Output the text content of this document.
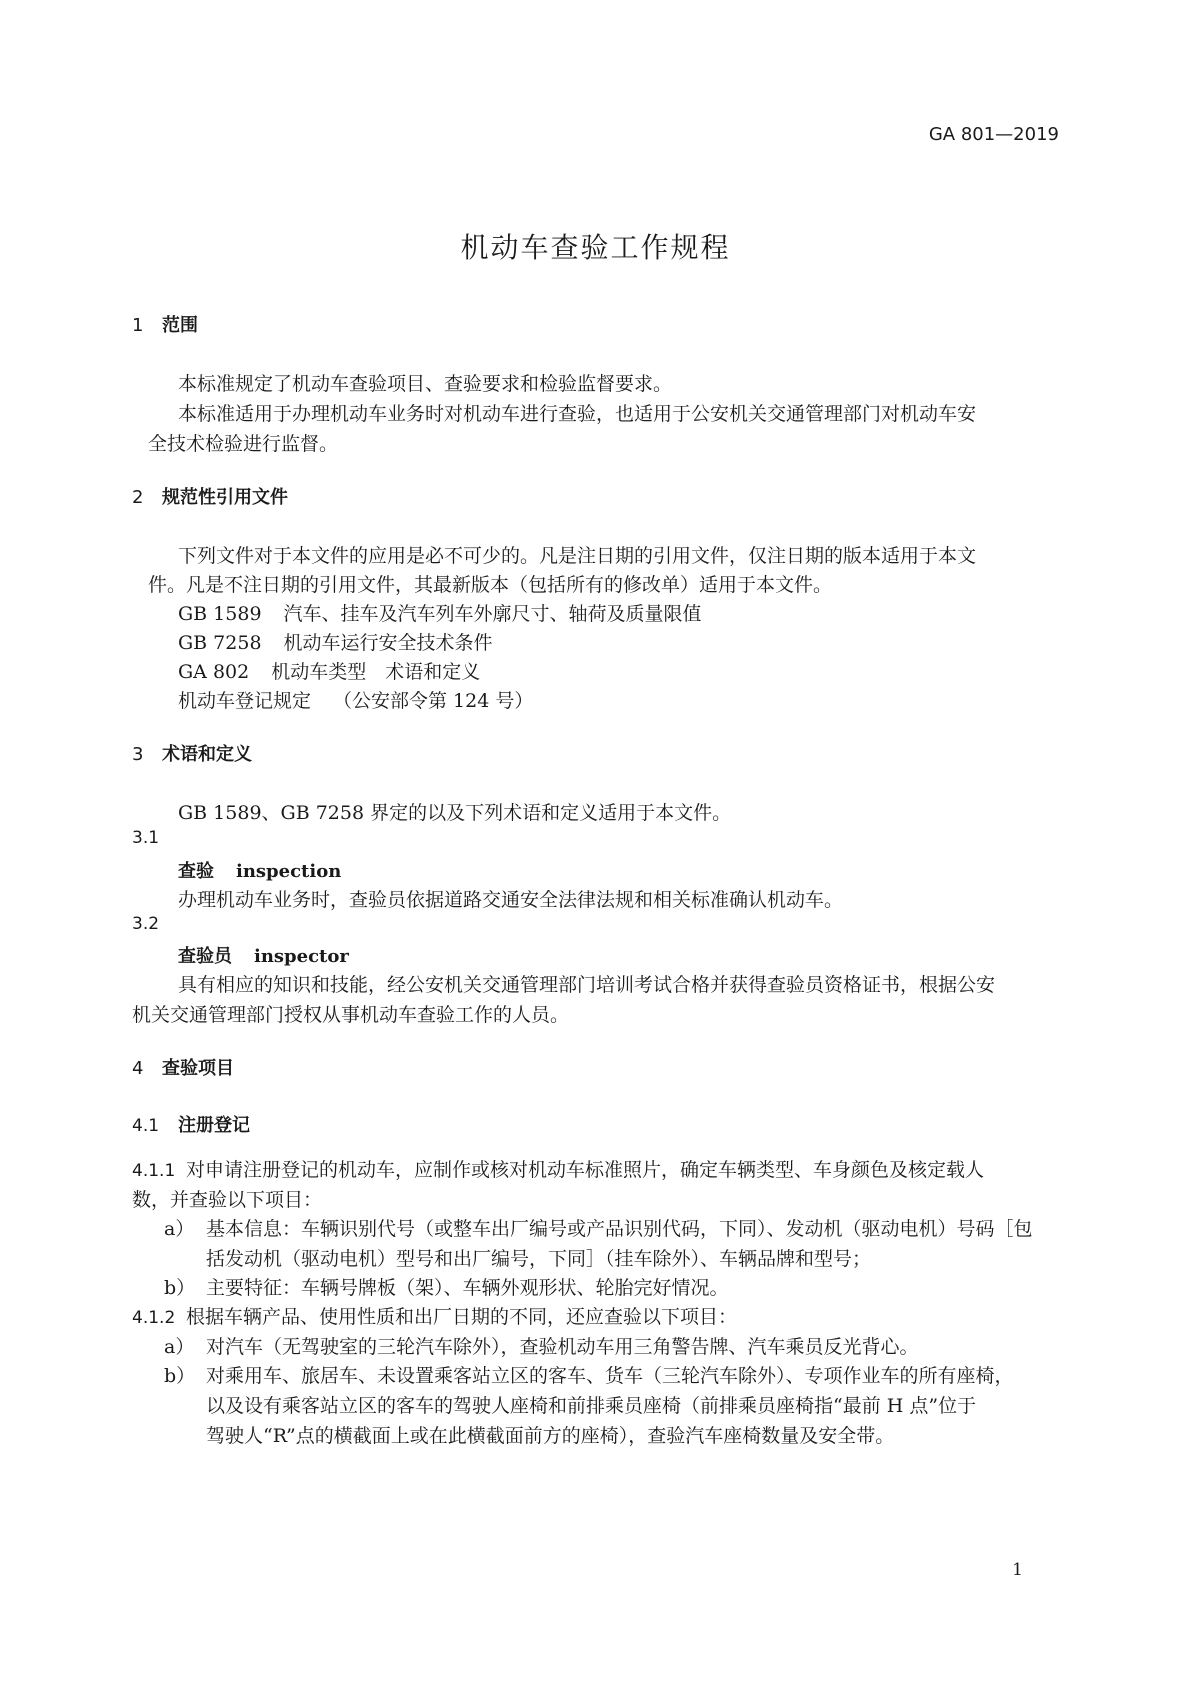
GA 801—2019
机动车查验工作规程
1 范围
本标准规定了机动车查验项目、查验要求和检验监督要求。
本标准适用于办理机动车业务时对机动车进行查验，也适用于公安机关交通管理部门对机动车安
全技术检验进行监督。
2 规范性引用文件
下列文件对于本文件的应用是必不可少的。凡是注日期的引用文件，仅注日期的版本适用于本文
件。凡是不注日期的引用文件，其最新版本（包括所有的修改单）适用于本文件。
GB 1589 汽车、挂车及汽车列车外廓尺寸、轴荷及质量限值
GB 7258 机动车运行安全技术条件
GA 802 机动车类型　术语和定义
机动车登记规定 （公安部令第 124 号）
3 术语和定义
GB 1589、GB 7258 界定的以及下列术语和定义适用于本文件。
3.1
查验 inspection
办理机动车业务时，查验员依据道路交通安全法律法规和相关标准确认机动车。
3.2
查验员 inspector
具有相应的知识和技能，经公安机关交通管理部门培训考试合格并获得查验员资格证书，根据公安
机关交通管理部门授权从事机动车查验工作的人员。
4 查验项目
4.1 注册登记
4.1.1 对申请注册登记的机动车，应制作或核对机动车标准照片，确定车辆类型、车身颜色及核定载人
数，并查验以下项目：
a） 基本信息：车辆识别代号（或整车出厂编号或产品识别代码，下同）、发动机（驱动电机）号码［包
括发动机（驱动电机）型号和出厂编号，下同］（挂车除外）、车辆品牌和型号；
b） 主要特征：车辆号牌板（架）、车辆外观形状、轮胎完好情况。
4.1.2 根据车辆产品、使用性质和出厂日期的不同，还应查验以下项目：
a） 对汽车（无驾驶室的三轮汽车除外），查验机动车用三角警告牌、汽车乘员反光背心。
b） 对乘用车、旅居车、未设置乘客站立区的客车、货车（三轮汽车除外）、专项作业车的所有座椅，
以及设有乘客站立区的客车的驾驶人座椅和前排乘员座椅（前排乘员座椅指“最前 H 点”位于
驾驶人“R”点的横截面上或在此横截面前方的座椅），查验汽车座椅数量及安全带。
1
